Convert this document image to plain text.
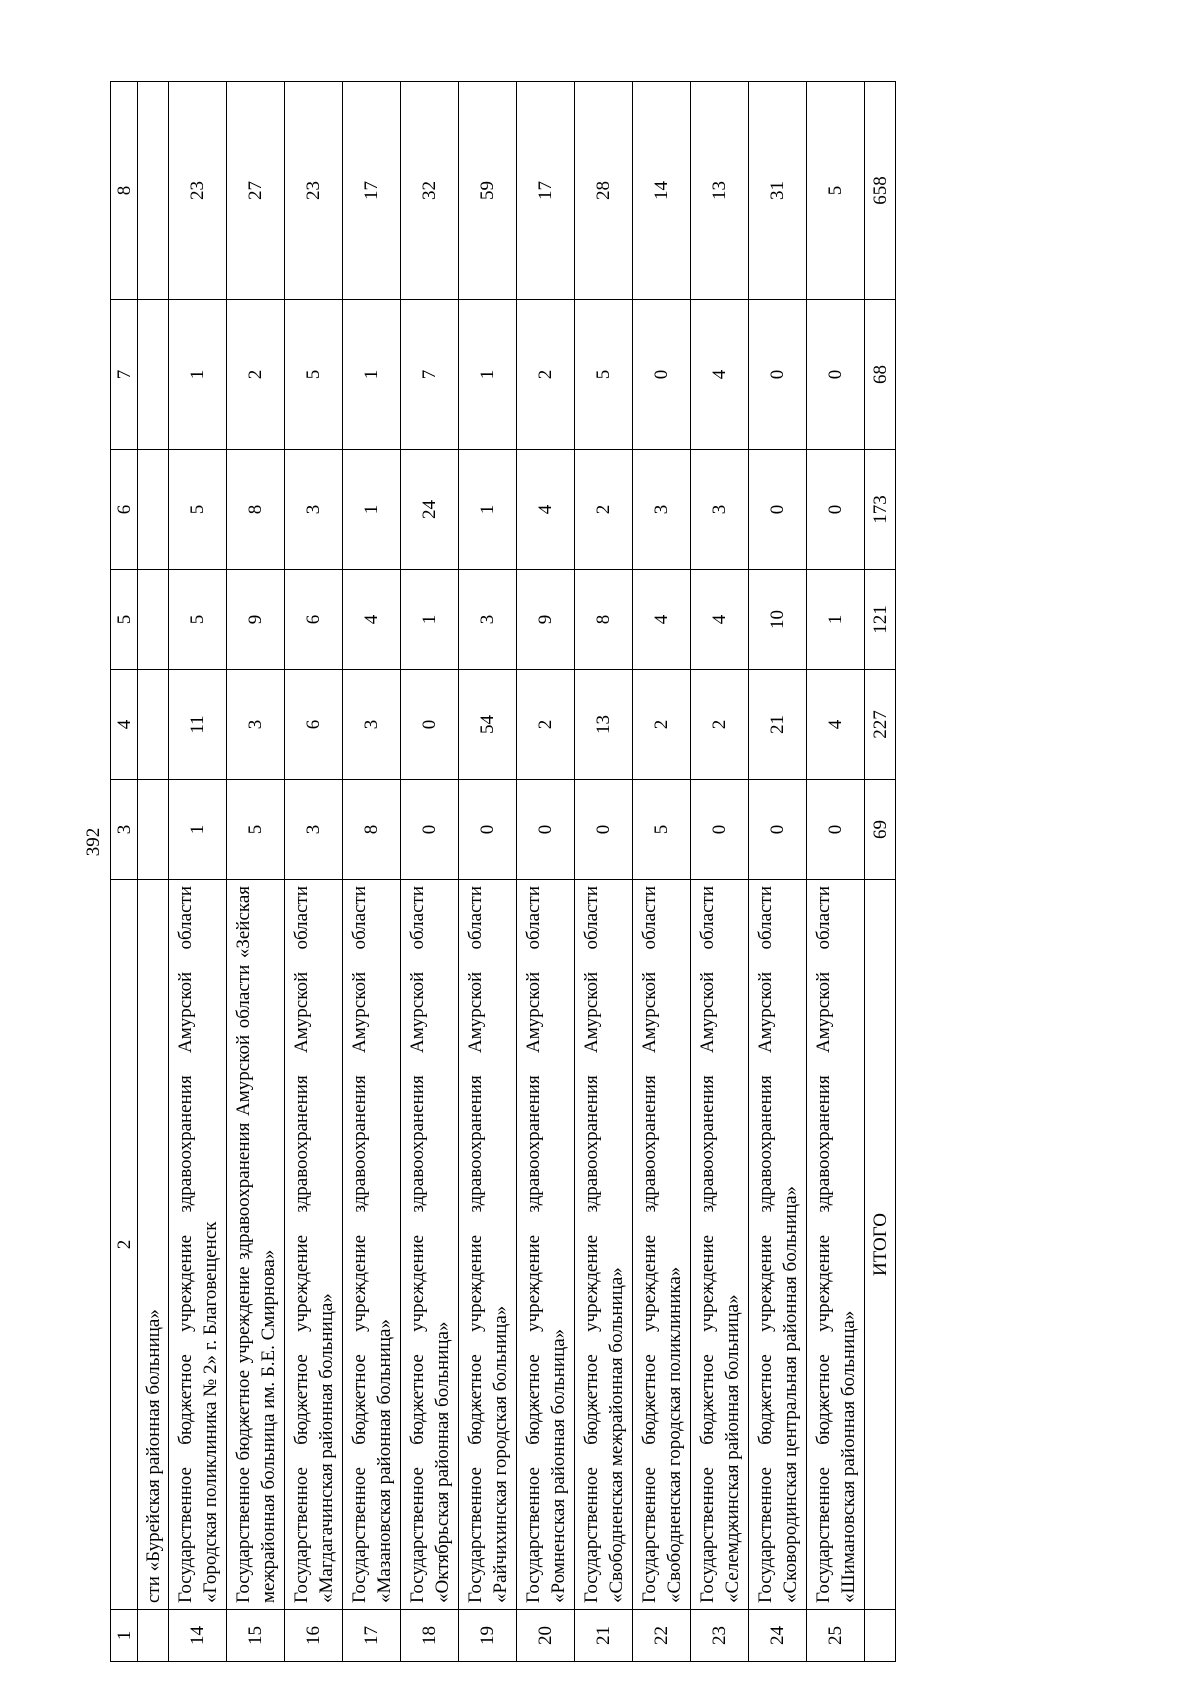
392
1	2	3	4	5	6	7	8
	сти «Бурейская районная больница»						
14	Государственное бюджетное учреждение здравоохранения Амурской области «Городская поликлиника № 2» г. Благовещенск	1	11	5	5	1	23
15	Государственное бюджетное учреждение здравоохранения Амурской области «Зейская межрайонная больница им. Б.Е. Смирнова»	5	3	9	8	2	27
16	Государственное бюджетное учреждение здравоохранения Амурской области «Магдагачинская районная больница»	3	6	6	3	5	23
17	Государственное бюджетное учреждение здравоохранения Амурской области «Мазановская районная больница»	8	3	4	1	1	17
18	Государственное бюджетное учреждение здравоохранения Амурской области «Октябрьская районная больница»	0	0	1	24	7	32
19	Государственное бюджетное учреждение здравоохранения Амурской области «Райчихинская городская больница»	0	54	3	1	1	59
20	Государственное бюджетное учреждение здравоохранения Амурской области «Ромненская районная больница»	0	2	9	4	2	17
21	Государственное бюджетное учреждение здравоохранения Амурской области «Свободненская межрайонная больница»	0	13	8	2	5	28
22	Государственное бюджетное учреждение здравоохранения Амурской области «Свободненская городская поликлиника»	5	2	4	3	0	14
23	Государственное бюджетное учреждение здравоохранения Амурской области «Селемджинская районная больница»	0	2	4	3	4	13
24	Государственное бюджетное учреждение здравоохранения Амурской области «Сковородинская центральная районная больница»	0	21	10	0	0	31
25	Государственное бюджетное учреждение здравоохранения Амурской области «Шимановская районная больница»	0	4	1	0	0	5
	ИТОГО	69	227	121	173	68	658
